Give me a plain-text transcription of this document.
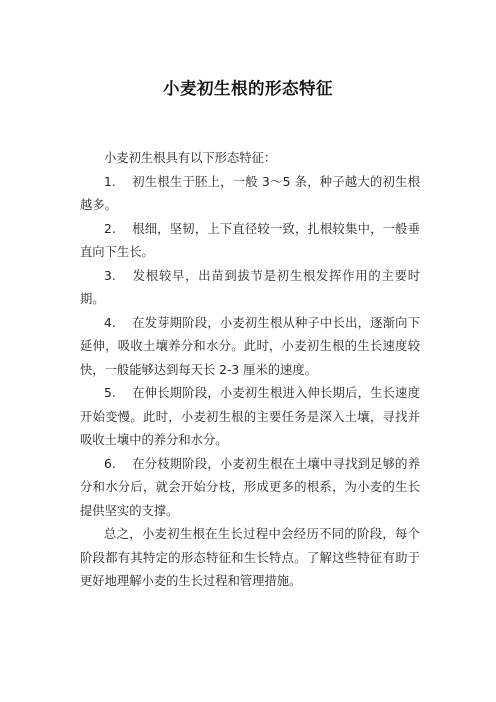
小麦初生根的形态特征

小麦初生根具有以下形态特征：

1. 初生根生于胚上，一般 3～5 条，种子越大的初生根越多。

2. 根细，坚韧，上下直径较一致，扎根较集中，一般垂直向下生长。

3. 发根较早，出苗到拔节是初生根发挥作用的主要时期。

4. 在发芽期阶段，小麦初生根从种子中长出，逐渐向下延伸，吸收土壤养分和水分。此时，小麦初生根的生长速度较快，一般能够达到每天长 2-3 厘米的速度。

5. 在伸长期阶段，小麦初生根进入伸长期后，生长速度开始变慢。此时，小麦初生根的主要任务是深入土壤，寻找并吸收土壤中的养分和水分。

6. 在分枝期阶段，小麦初生根在土壤中寻找到足够的养分和水分后，就会开始分枝，形成更多的根系，为小麦的生长提供坚实的支撑。

总之，小麦初生根在生长过程中会经历不同的阶段，每个阶段都有其特定的形态特征和生长特点。了解这些特征有助于更好地理解小麦的生长过程和管理措施。
